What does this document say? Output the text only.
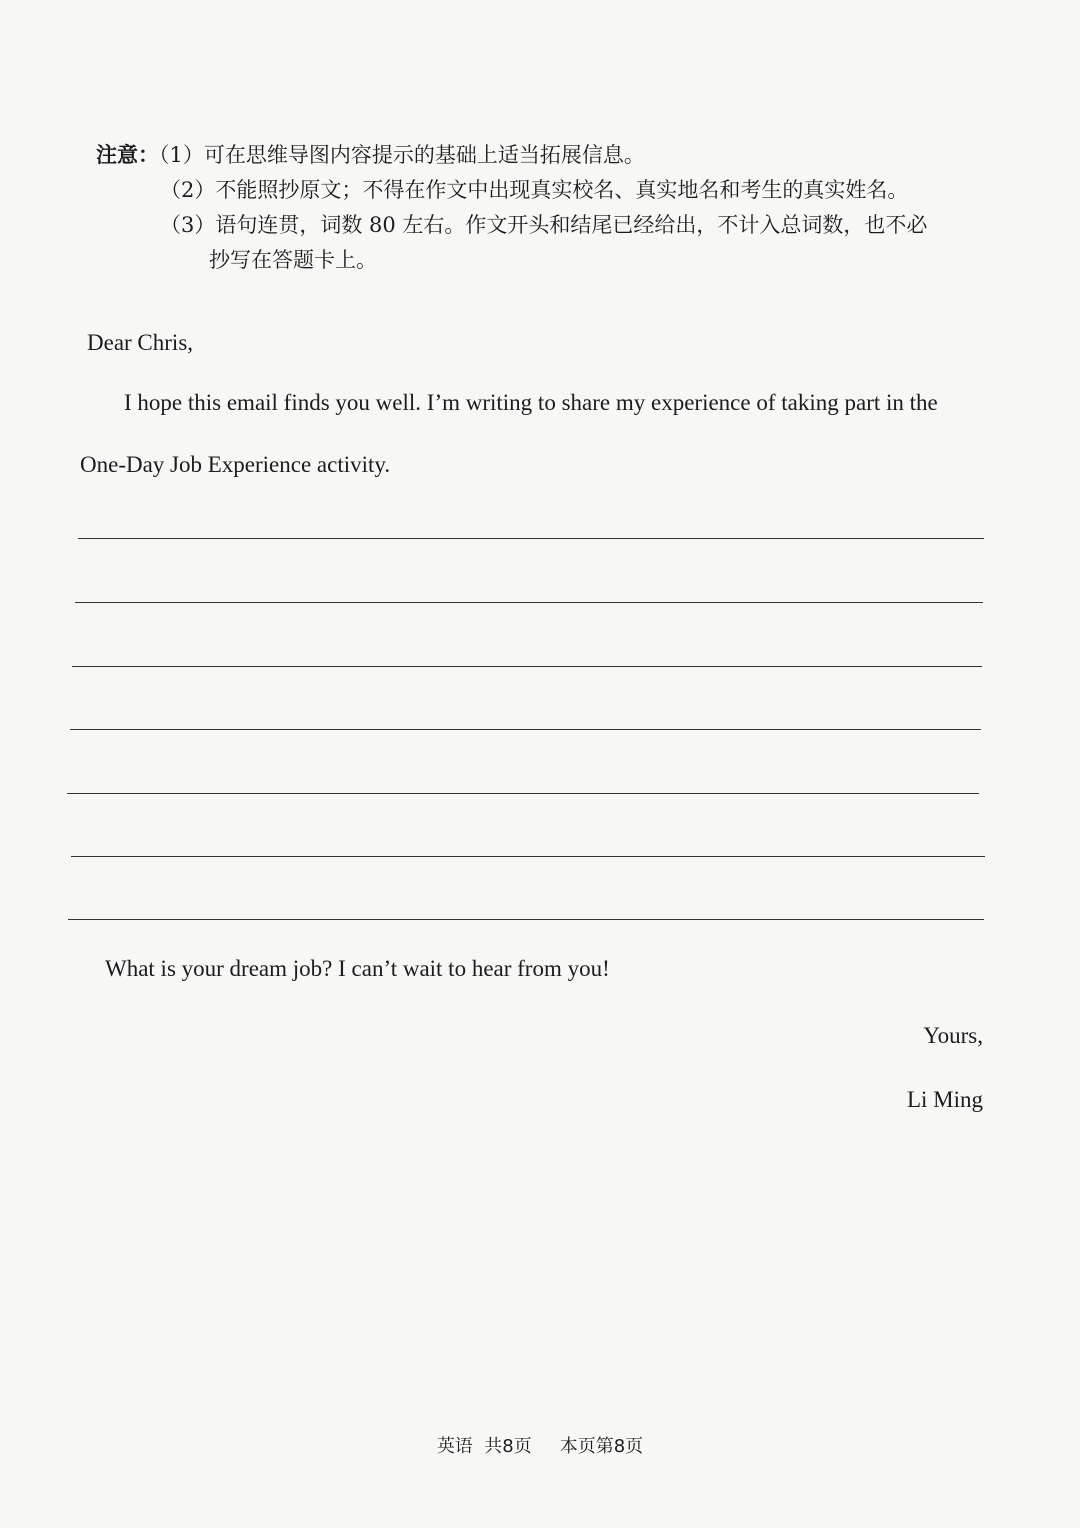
注意：（1）可在思维导图内容提示的基础上适当拓展信息。
（2）不能照抄原文；不得在作文中出现真实校名、真实地名和考生的真实姓名。
（3）语句连贯，词数 80 左右。作文开头和结尾已经给出，不计入总词数，也不必
抄写在答题卡上。
Dear Chris,
I hope this email finds you well. I’m writing to share my experience of taking part in the
One-Day Job Experience activity.
What is your dream job? I can’t wait to hear from you!
Yours,
Li Ming
英语  共8页 本页第8页
